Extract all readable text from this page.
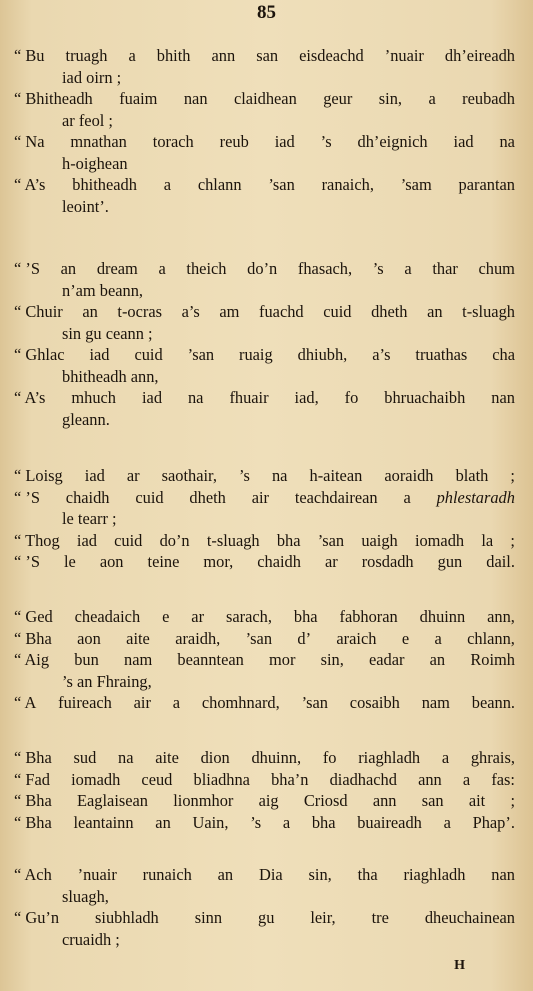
85
“ Bu truagh a bhith ann san eisdeachd ’nuair dh’eireadh
iad oirn ;
“ Bhitheadh fuaim nan claidhean geur sin, a reubadh
ar feol ;
“ Na mnathan torach reub iad ’s dh’eignich iad na
h-oighean
“ A’s bhitheadh a chlann ’san ranaich, ’sam parantan
leoint’.
“ ’S an dream a theich do’n fhasach, ’s a thar chum
n’am beann,
“ Chuir an t-ocras a’s am fuachd cuid dheth an t-sluagh
sin gu ceann ;
“ Ghlac iad cuid ’san ruaig dhiubh, a’s truathas cha
bhitheadh ann,
“ A’s mhuch iad na fhuair iad, fo bhruachaibh nan
gleann.
“ Loisg iad ar saothair, ’s na h-aitean aoraidh blath ;
“ ’S chaidh cuid dheth air teachdairean a phlestaradh
le tearr ;
“ Thog iad cuid do’n t-sluagh bha ’san uaigh iomadh la ;
“ ’S le aon teine mor, chaidh ar rosdadh gun dail.
“ Ged cheadaich e ar sarach, bha fabhoran dhuinn ann,
“ Bha aon aite araidh, ’san d’ araich e a chlann,
“ Aig bun nam beanntean mor sin, eadar an Roimh
’s an Fhraing,
“ A fuireach air a chomhnard, ’san cosaibh nam beann.
“ Bha sud na aite dion dhuinn, fo riaghladh a ghrais,
“ Fad iomadh ceud bliadhna bha’n diadhachd ann a fas:
“ Bha Eaglaisean lionmhor aig Criosd ann san ait ;
“ Bha leantainn an Uain, ’s a bha buaireadh a Phap’.
“ Ach ’nuair runaich an Dia sin, tha riaghladh nan
sluagh,
“ Gu’n siubhladh sinn gu leir, tre dheuchainean
cruaidh ;
H
